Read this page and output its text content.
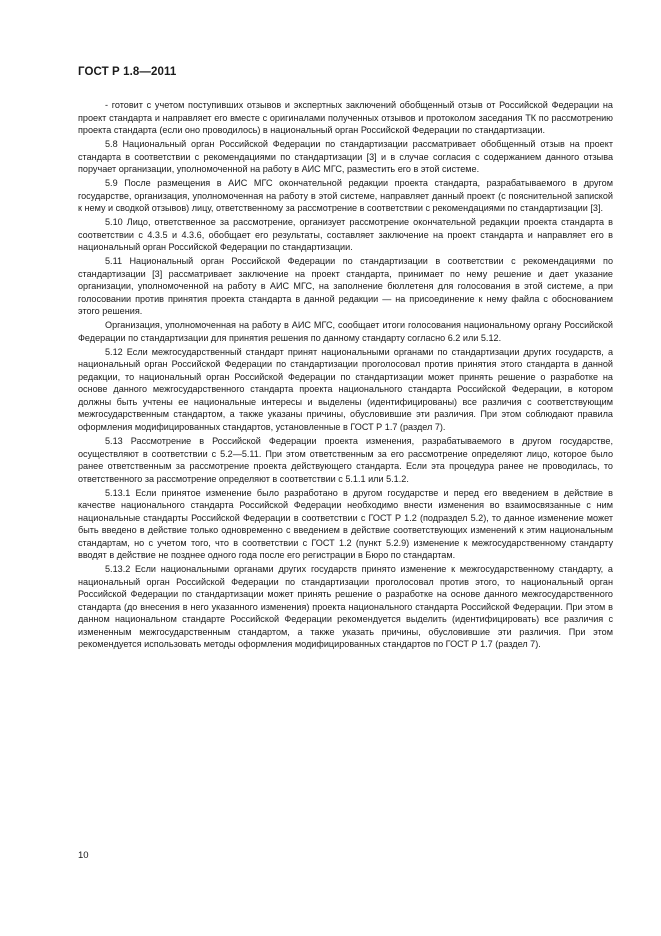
ГОСТ Р 1.8—2011

- готовит с учетом поступивших отзывов и экспертных заключений обобщенный отзыв от Российской Федерации на проект стандарта и направляет его вместе с оригиналами полученных отзывов и протоколом заседания ТК по рассмотрению проекта стандарта (если оно проводилось) в национальный орган Российской Федерации по стандартизации.

5.8 Национальный орган Российской Федерации по стандартизации рассматривает обобщенный отзыв на проект стандарта в соответствии с рекомендациями по стандартизации [3] и в случае согласия с содержанием данного отзыва поручает организации, уполномоченной на работу в АИС МГС, разместить его в этой системе.

5.9 После размещения в АИС МГС окончательной редакции проекта стандарта, разрабатываемого в другом государстве, организация, уполномоченная на работу в этой системе, направляет данный проект (с пояснительной запиской к нему и сводкой отзывов) лицу, ответственному за рассмотрение в соответствии с рекомендациями по стандартизации [3].

5.10 Лицо, ответственное за рассмотрение, организует рассмотрение окончательной редакции проекта стандарта в соответствии с 4.3.5 и 4.3.6, обобщает его результаты, составляет заключение на проект стандарта и направляет его в национальный орган Российской Федерации по стандартизации.

5.11 Национальный орган Российской Федерации по стандартизации в соответствии с рекомендациями по стандартизации [3] рассматривает заключение на проект стандарта, принимает по нему решение и дает указание организации, уполномоченной на работу в АИС МГС, на заполнение бюллетеня для голосования в этой системе, а при голосовании против принятия проекта стандарта в данной редакции — на присоединение к нему файла с обоснованием этого решения.

Организация, уполномоченная на работу в АИС МГС, сообщает итоги голосования национальному органу Российской Федерации по стандартизации для принятия решения по данному стандарту согласно 6.2 или 5.12.

5.12 Если межгосударственный стандарт принят национальными органами по стандартизации других государств, а национальный орган Российской Федерации по стандартизации проголосовал против принятия этого стандарта в данной редакции, то национальный орган Российской Федерации по стандартизации может принять решение о разработке на основе данного межгосударственного стандарта проекта национального стандарта Российской Федерации, в котором должны быть учтены ее национальные интересы и выделены (идентифицированы) все различия с соответствующим межгосударственным стандартом, а также указаны причины, обусловившие эти различия. При этом соблюдают правила оформления модифицированных стандартов, установленные в ГОСТ Р 1.7 (раздел 7).

5.13 Рассмотрение в Российской Федерации проекта изменения, разрабатываемого в другом государстве, осуществляют в соответствии с 5.2—5.11. При этом ответственным за его рассмотрение определяют лицо, которое было ранее ответственным за рассмотрение проекта действующего стандарта. Если эта процедура ранее не проводилась, то ответственного за рассмотрение определяют в соответствии с 5.1.1 или 5.1.2.

5.13.1 Если принятое изменение было разработано в другом государстве и перед его введением в действие в качестве национального стандарта Российской Федерации необходимо внести изменения во взаимосвязанные с ним национальные стандарты Российской Федерации в соответствии с ГОСТ Р 1.2 (подраздел 5.2), то данное изменение может быть введено в действие только одновременно с введением в действие соответствующих изменений к этим национальным стандартам, но с учетом того, что в соответствии с ГОСТ 1.2 (пункт 5.2.9) изменение к межгосударственному стандарту вводят в действие не позднее одного года после его регистрации в Бюро по стандартам.

5.13.2 Если национальными органами других государств принято изменение к межгосударственному стандарту, а национальный орган Российской Федерации по стандартизации проголосовал против этого, то национальный орган Российской Федерации по стандартизации может принять решение о разработке на основе данного межгосударственного стандарта (до внесения в него указанного изменения) проекта национального стандарта Российской Федерации. При этом в данном национальном стандарте Российской Федерации рекомендуется выделить (идентифицировать) все различия с измененным межгосударственным стандартом, а также указать причины, обусловившие эти различия. При этом рекомендуется использовать методы оформления модифицированных стандартов по ГОСТ Р 1.7 (раздел 7).

10
